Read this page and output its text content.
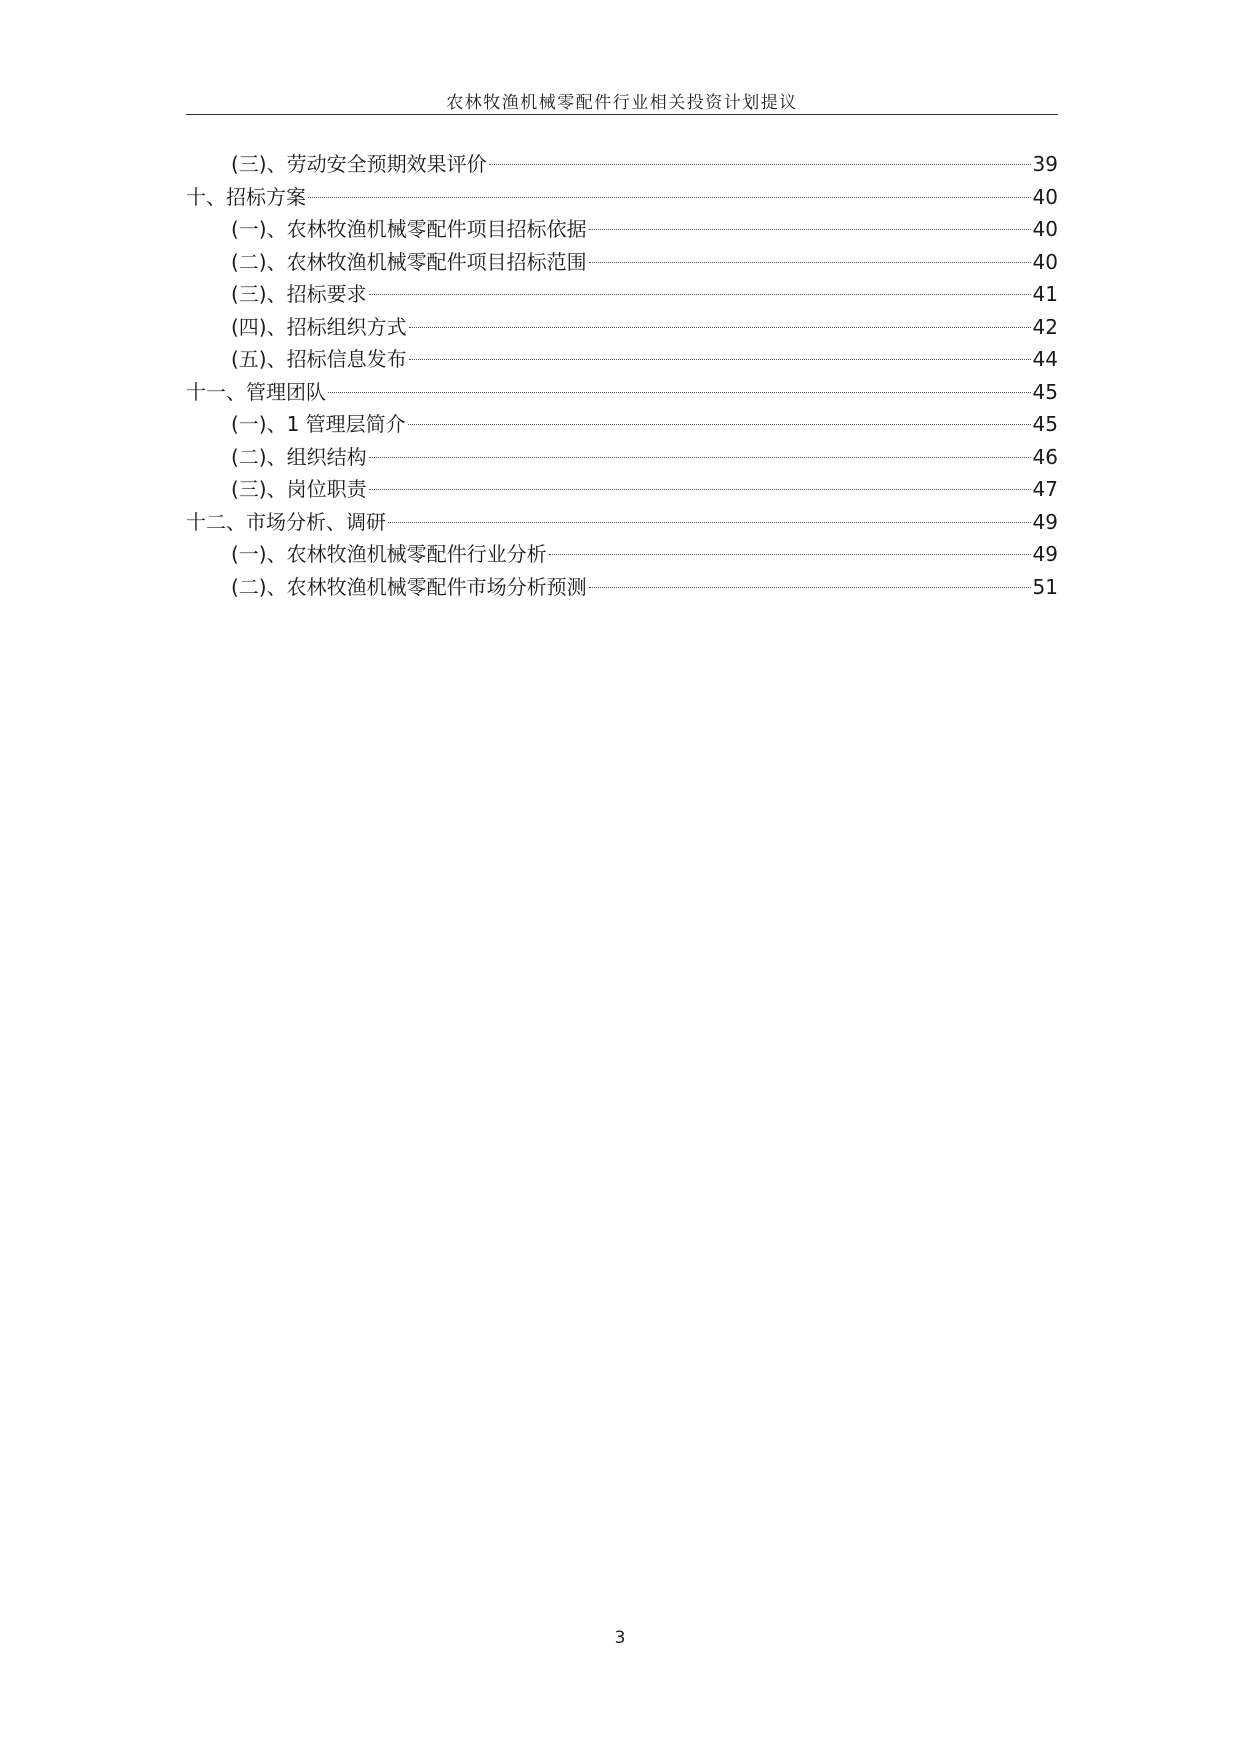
农林牧渔机械零配件行业相关投资计划提议
(三)、劳动安全预期效果评价	39
十、招标方案	40
(一)、农林牧渔机械零配件项目招标依据	40
(二)、农林牧渔机械零配件项目招标范围	40
(三)、招标要求	41
(四)、招标组织方式	42
(五)、招标信息发布	44
十一、管理团队	45
(一)、1 管理层简介	45
(二)、组织结构	46
(三)、岗位职责	47
十二、市场分析、调研	49
(一)、农林牧渔机械零配件行业分析	49
(二)、农林牧渔机械零配件市场分析预测	51
3
